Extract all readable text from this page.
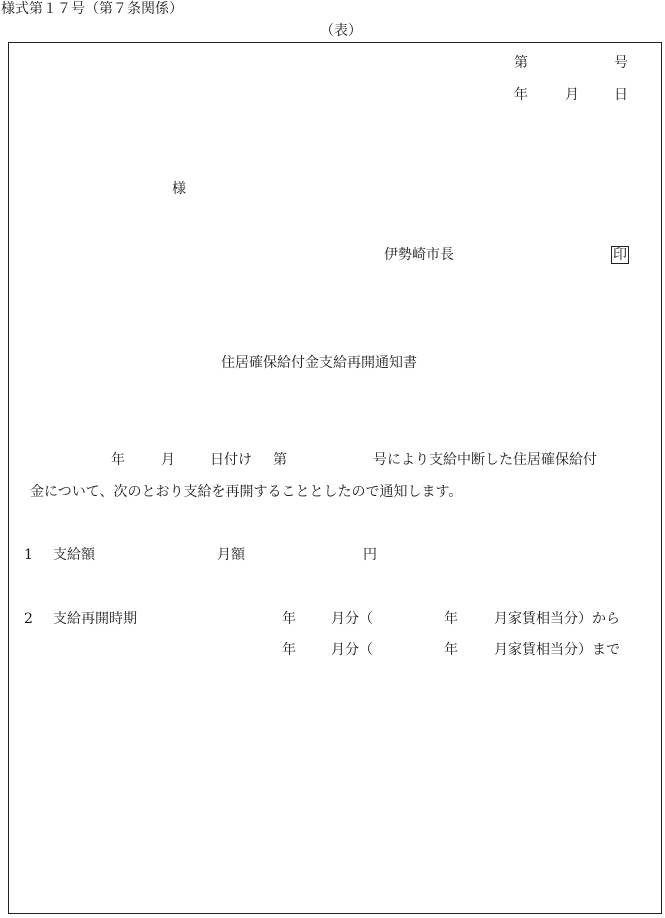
様式第１７号（第７条関係）
（表）
第	号
年	月	日
様
伊勢崎市長	印
住居確保給付金支給再開通知書
年	月	日付け 第	号により支給中断した住居確保給付
金について、次のとおり支給を再開することとしたので通知します。
1 支給額	月額	円
2 支給再開時期	年	月分（	年	月家賃相当分）から
年	月分（	年	月家賃相当分）まで
